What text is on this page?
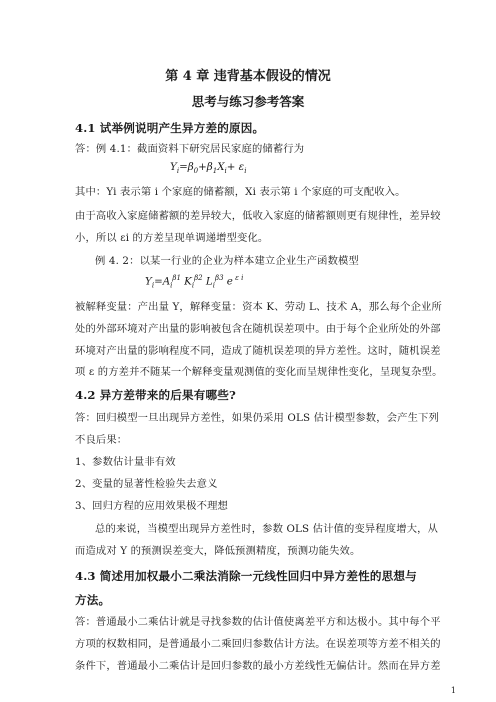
第 4 章 违背基本假设的情况
思考与练习参考答案
4.1 试举例说明产生异方差的原因。
答：例 4.1：截面资料下研究居民家庭的储蓄行为
$Y_i=\beta_0+\beta_1X_i+ \varepsilon_i$
其中：Yi 表示第 i 个家庭的储蓄额，Xi 表示第 i 个家庭的可支配收入。
由于高收入家庭储蓄额的差异较大，低收入家庭的储蓄额则更有规律性，差异较
小，所以 εi 的方差呈现单调递增型变化。
例 4. 2：以某一行业的企业为样本建立企业生产函数模型
$Y_i=A_i^{\beta 1}$ $K_i^{\beta 2}$ $L_i^{\beta 3}$ e $^{\varepsilon i}$
被解释变量：产出量 Y，解释变量：资本 K、劳动 L、技术 A，那么每个企业所
处的外部环境对产出量的影响被包含在随机误差项中。由于每个企业所处的外部
环境对产出量的影响程度不同，造成了随机误差项的异方差性。这时，随机误差
项 ε 的方差并不随某一个解释变量观测值的变化而呈规律性变化，呈现复杂型。
4.2 异方差带来的后果有哪些?
答：回归模型一旦出现异方差性，如果仍采用 OLS 估计模型参数，会产生下列
不良后果：
1、参数估计量非有效
2、变量的显著性检验失去意义
3、回归方程的应用效果极不理想
总的来说，当模型出现异方差性时，参数 OLS 估计值的变异程度增大，从
而造成对 Y 的预测误差变大，降低预测精度，预测功能失效。
4.3 简述用加权最小二乘法消除一元线性回归中异方差性的思想与
方法。
答：普通最小二乘估计就是寻找参数的估计值使离差平方和达极小。其中每个平
方项的权数相同，是普通最小二乘回归参数估计方法。在误差项等方差不相关的
条件下，普通最小二乘估计是回归参数的最小方差线性无偏估计。然而在异方差
1
